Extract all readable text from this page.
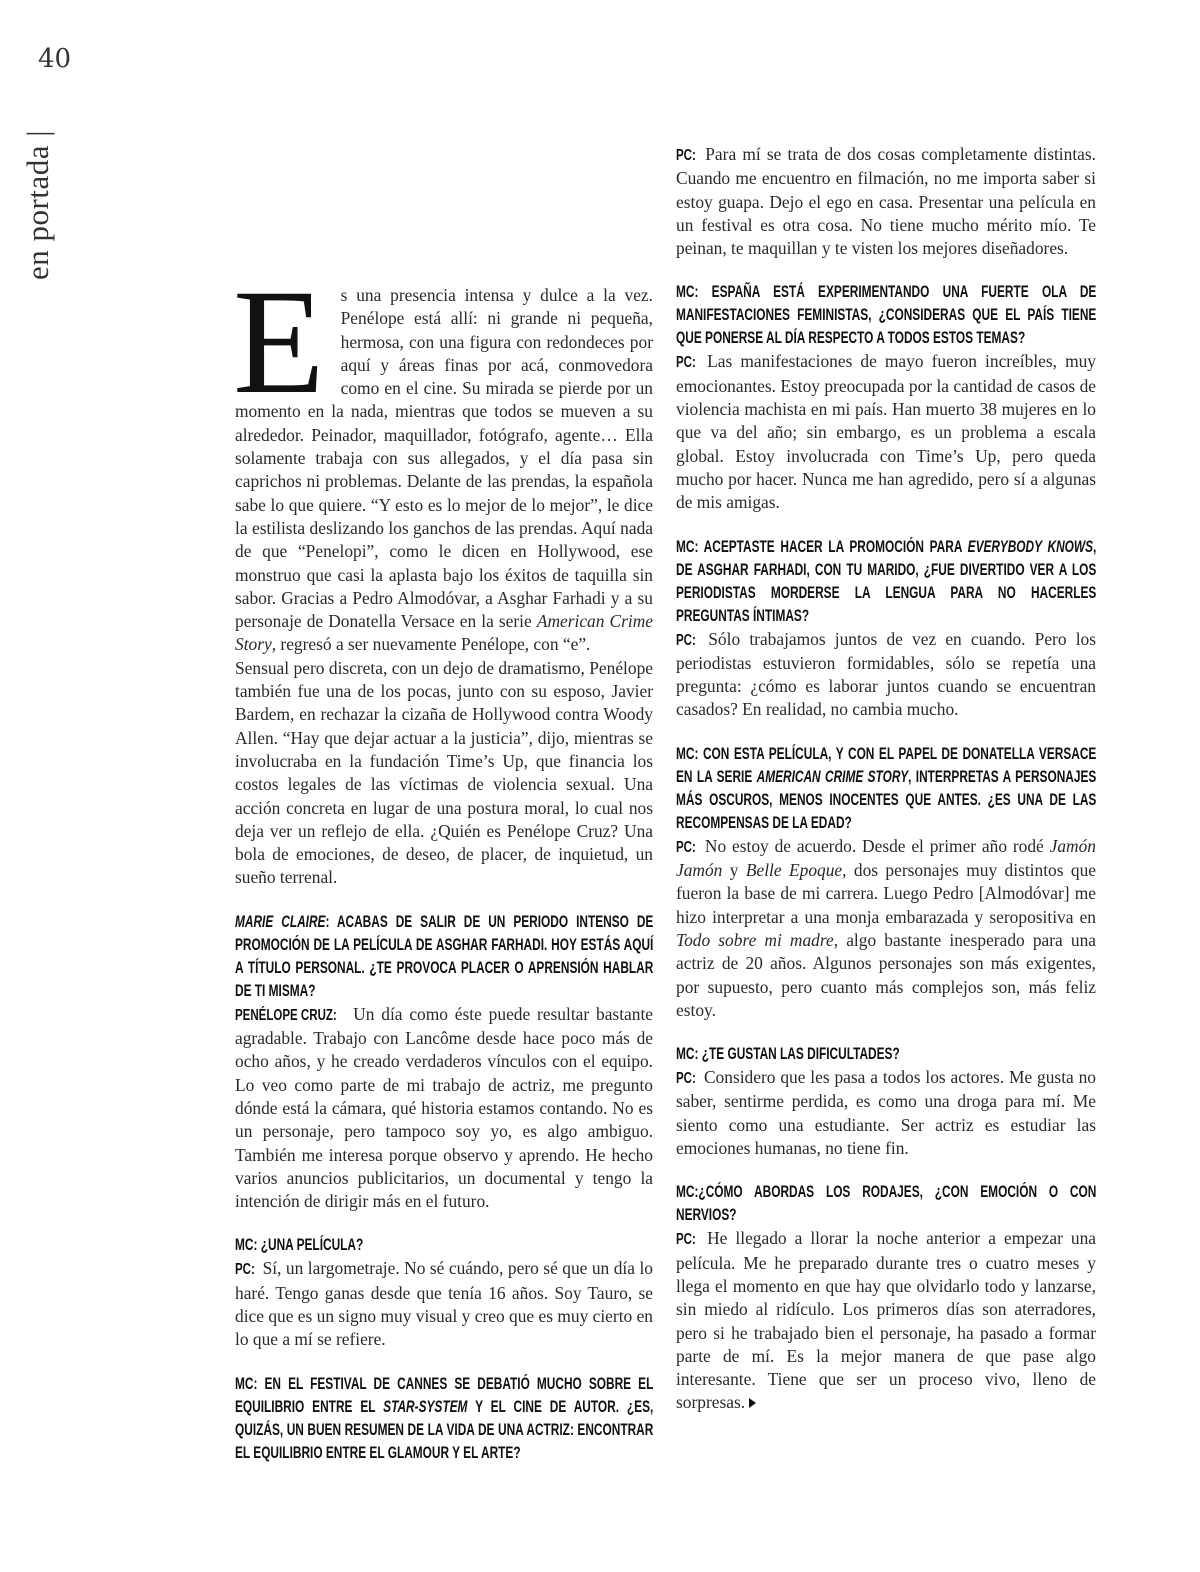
40
en portada |
E s una presencia intensa y dulce a la vez. Penélope está allí: ni grande ni pequeña, hermosa, con una figura con redondeces por aquí y áreas finas por acá, conmovedora como en el cine. Su mirada se pierde por un momento en la nada, mientras que todos se mueven a su alrededor. Peinador, maquillador, fotógrafo, agente… Ella solamente trabaja con sus allegados, y el día pasa sin caprichos ni problemas. Delante de las prendas, la española sabe lo que quiere. “Y esto es lo mejor de lo mejor”, le dice la estilista deslizando los ganchos de las prendas. Aquí nada de que “Penelopi”, como le dicen en Hollywood, ese monstruo que casi la aplasta bajo los éxitos de taquilla sin sabor. Gracias a Pedro Almodóvar, a Asghar Farhadi y a su personaje de Donatella Versace en la serie American Crime Story, regresó a ser nuevamente Penélope, con “e”.

Sensual pero discreta, con un dejo de dramatismo, Penélope también fue una de los pocas, junto con su esposo, Javier Bardem, en rechazar la cizaña de Hollywood contra Woody Allen. “Hay que dejar actuar a la justicia”, dijo, mientras se involucraba en la fundación Time’s Up, que financia los costos legales de las víctimas de violencia sexual. Una acción concreta en lugar de una postura moral, lo cual nos deja ver un reflejo de ella. ¿Quién es Penélope Cruz? Una bola de emociones, de deseo, de placer, de inquietud, un sueño terrenal.

MARIE CLAIRE: ACABAS DE SALIR DE UN PERIODO INTENSO DE PROMOCIÓN DE LA PELÍCULA DE ASGHAR FARHADI. HOY ESTÁS AQUÍ A TÍTULO PERSONAL. ¿TE PROVOCA PLACER O APRENSIÓN HABLAR DE TI MISMA?

PENÉLOPE CRUZ: Un día como éste puede resultar bastante agradable. Trabajo con Lancôme desde hace poco más de ocho años, y he creado verdaderos vínculos con el equipo. Lo veo como parte de mi trabajo de actriz, me pregunto dónde está la cámara, qué historia estamos contando. No es un personaje, pero tampoco soy yo, es algo ambiguo. También me interesa porque observo y aprendo. He hecho varios anuncios publicitarios, un documental y tengo la intención de dirigir más en el futuro.

MC: ¿UNA PELÍCULA?

PC: Sí, un largometraje. No sé cuándo, pero sé que un día lo haré. Tengo ganas desde que tenía 16 años. Soy Tauro, se dice que es un signo muy visual y creo que es muy cierto en lo que a mí se refiere.

MC: EN EL FESTIVAL DE CANNES SE DEBATIÓ MUCHO SOBRE EL EQUILIBRIO ENTRE EL STAR-SYSTEM Y EL CINE DE AUTOR. ¿ES, QUIZÁS, UN BUEN RESUMEN DE LA VIDA DE UNA ACTRIZ: ENCONTRAR EL EQUILIBRIO ENTRE EL GLAMOUR Y EL ARTE?

PC: Para mí se trata de dos cosas completamente distintas. Cuando me encuentro en filmación, no me importa saber si estoy guapa. Dejo el ego en casa. Presentar una película en un festival es otra cosa. No tiene mucho mérito mío. Te peinan, te maquillan y te visten los mejores diseñadores.

MC: ESPAÑA ESTÁ EXPERIMENTANDO UNA FUERTE OLA DE MANIFESTACIONES FEMINISTAS, ¿CONSIDERAS QUE EL PAÍS TIENE QUE PONERSE AL DÍA RESPECTO A TODOS ESTOS TEMAS?

PC: Las manifestaciones de mayo fueron increíbles, muy emocionantes. Estoy preocupada por la cantidad de casos de violencia machista en mi país. Han muerto 38 mujeres en lo que va del año; sin embargo, es un problema a escala global. Estoy involucrada con Time’s Up, pero queda mucho por hacer. Nunca me han agredido, pero sí a algunas de mis amigas.

MC: ACEPTASTE HACER LA PROMOCIÓN PARA EVERYBODY KNOWS, DE ASGHAR FARHADI, CON TU MARIDO, ¿FUE DIVERTIDO VER A LOS PERIODISTAS MORDERSE LA LENGUA PARA NO HACERLES PREGUNTAS ÍNTIMAS?

PC: Sólo trabajamos juntos de vez en cuando. Pero los periodistas estuvieron formidables, sólo se repetía una pregunta: ¿cómo es laborar juntos cuando se encuentran casados? En realidad, no cambia mucho.

MC: CON ESTA PELÍCULA, Y CON EL PAPEL DE DONATELLA VERSACE EN LA SERIE AMERICAN CRIME STORY, INTERPRETAS A PERSONAJES MÁS OSCUROS, MENOS INOCENTES QUE ANTES. ¿ES UNA DE LAS RECOMPENSAS DE LA EDAD?

PC: No estoy de acuerdo. Desde el primer año rodé Jamón Jamón y Belle Epoque, dos personajes muy distintos que fueron la base de mi carrera. Luego Pedro [Almodóvar] me hizo interpretar a una monja embarazada y seropositiva en Todo sobre mi madre, algo bastante inesperado para una actriz de 20 años. Algunos personajes son más exigentes, por supuesto, pero cuanto más complejos son, más feliz estoy.

MC: ¿TE GUSTAN LAS DIFICULTADES?

PC: Considero que les pasa a todos los actores. Me gusta no saber, sentirme perdida, es como una droga para mí. Me siento como una estudiante. Ser actriz es estudiar las emociones humanas, no tiene fin.

MC:¿CÓMO ABORDAS LOS RODAJES, ¿CON EMOCIÓN O CON NERVIOS?

PC: He llegado a llorar la noche anterior a empezar una película. Me he preparado durante tres o cuatro meses y llega el momento en que hay que olvidarlo todo y lanzarse, sin miedo al ridículo. Los primeros días son aterradores, pero si he trabajado bien el personaje, ha pasado a formar parte de mí. Es la mejor manera de que pase algo interesante. Tiene que ser un proceso vivo, lleno de sorpresas.
